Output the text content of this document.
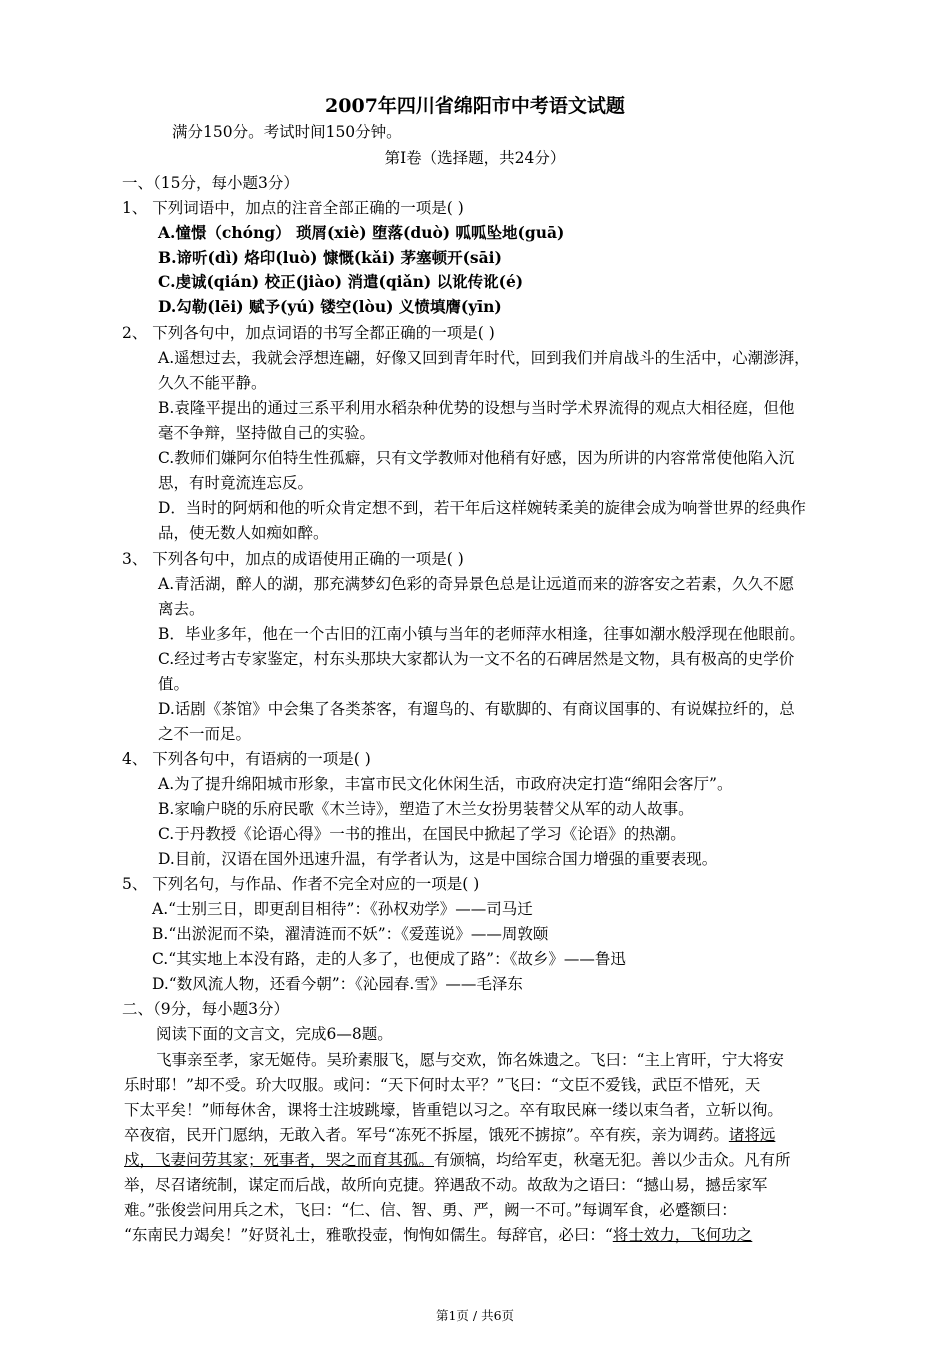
2007年四川省绵阳市中考语文试题
满分150分。考试时间150分钟。
第Ⅰ卷（选择题，共24分）
一、（15分，每小题3分）
1、 下列词语中，加点的注音全部正确的一项是( )
A.憧憬（chóng） 琐屑(xiè) 堕落(duò) 呱呱坠地(guā)
B.谛听(dì) 烙印(luò) 慷慨(kǎi) 茅塞顿开(sāi)
C.虔诚(qián) 校正(jiào) 消遣(qiǎn) 以讹传讹(é)
D.勾勒(lēi) 赋予(yú) 镂空(lòu) 义愤填膺(yīn)
2、 下列各句中，加点词语的书写全都正确的一项是( )
A.遥想过去，我就会浮想连翩，好像又回到青年时代，回到我们并肩战斗的生活中，心潮澎湃，
久久不能平静。
B.袁隆平提出的通过三系平利用水稻杂种优势的设想与当时学术界流得的观点大相径庭，但他
毫不争辩，坚持做自己的实验。
C.教师们嫌阿尔伯特生性孤癖，只有文学教师对他稍有好感，因为所讲的内容常常使他陷入沉
思，有时竟流连忘反。
D．当时的阿炳和他的听众肯定想不到，若干年后这样婉转柔美的旋律会成为响誉世界的经典作
品，使无数人如痴如醉。
3、 下列各句中，加点的成语使用正确的一项是( )
A.青活湖，醉人的湖，那充满梦幻色彩的奇异景色总是让远道而来的游客安之若素，久久不愿
离去。
B．毕业多年，他在一个古旧的江南小镇与当年的老师萍水相逢，往事如潮水般浮现在他眼前。
C.经过考古专家鉴定，村东头那块大家都认为一文不名的石碑居然是文物，具有极高的史学价
值。
D.话剧《茶馆》中会集了各类茶客，有遛鸟的、有歇脚的、有商议国事的、有说媒拉纤的，总
之不一而足。
4、 下列各句中，有语病的一项是( )
A.为了提升绵阳城市形象，丰富市民文化休闲生活，市政府决定打造“绵阳会客厅”。
B.家喻户晓的乐府民歌《木兰诗》，塑造了木兰女扮男装替父从军的动人故事。
C.于丹教授《论语心得》一书的推出，在国民中掀起了学习《论语》的热潮。
D.目前，汉语在国外迅速升温，有学者认为，这是中国综合国力增强的重要表现。
5、 下列名句，与作品、作者不完全对应的一项是( )
A.“士别三日，即更刮目相待”：《孙权劝学》——司马迁
B.“出淤泥而不染，濯清涟而不妖”：《爱莲说》——周敦颐
C.“其实地上本没有路，走的人多了，也便成了路”：《故乡》——鲁迅
D.“数风流人物，还看今朝”：《沁园春.雪》——毛泽东
二、（9分，每小题3分）
阅读下面的文言文，完成6—8题。
飞事亲至孝，家无姬侍。吴玠素服飞，愿与交欢，饰名姝遗之。飞曰：“主上宵旰，宁大将安
乐时耶！”却不受。玠大叹服。或问：“天下何时太平？”飞曰：“文臣不爱钱，武臣不惜死，天
下太平矣！”师每休舍，课将士注坡跳壕，皆重铠以习之。卒有取民麻一缕以束刍者，立斩以徇。
卒夜宿，民开门愿纳，无敢入者。军号“冻死不拆屋，饿死不掳掠”。卒有疾，亲为调药。诸将远
戍，飞妻问劳其家；死事者，哭之而育其孤。有颁犒，均给军吏，秋毫无犯。善以少击众。凡有所
举，尽召诸统制，谋定而后战，故所向克捷。猝遇敌不动。故敌为之语曰：“撼山易，撼岳家军
难。”张俊尝问用兵之术，飞曰：“仁、信、智、勇、严，阙一不可。”每调军食，必蹙额曰：
“东南民力竭矣！”好贤礼士，雅歌投壶，恂恂如儒生。每辞官，必曰：“将士效力，飞何功之
第1页 / 共6页
